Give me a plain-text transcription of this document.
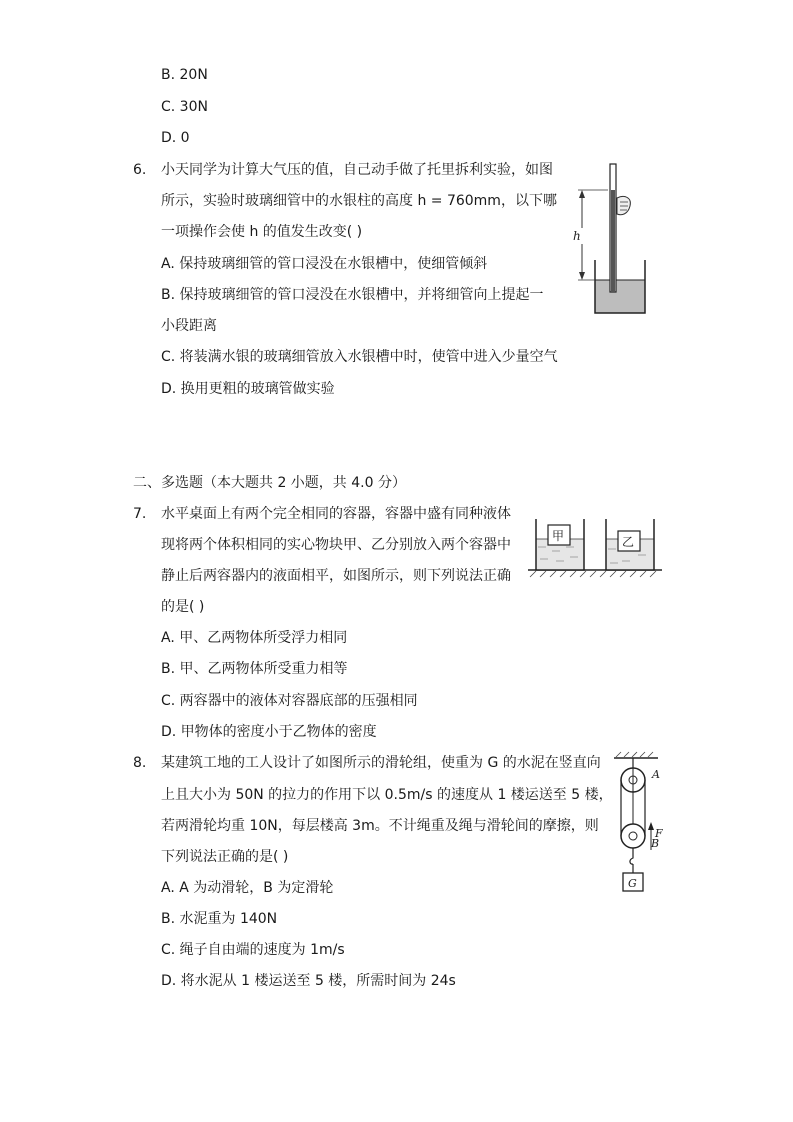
B. 20N
C. 30N
D. 0
6. 小天同学为计算大气压的值，自己动手做了托里拆利实验，如图
所示，实验时玻璃细管中的水银柱的高度 h = 760mm，以下哪
一项操作会使 h 的值发生改变( )
A. 保持玻璃细管的管口浸没在水银槽中，使细管倾斜
B. 保持玻璃细管的管口浸没在水银槽中，并将细管向上提起一
小段距离
C. 将装满水银的玻璃细管放入水银槽中时，使管中进入少量空气
D. 换用更粗的玻璃管做实验
h
二、多选题（本大题共 2 小题，共 4.0 分）
7. 水平桌面上有两个完全相同的容器，容器中盛有同种液体
现将两个体积相同的实心物块甲、乙分别放入两个容器中
静止后两容器内的液面相平，如图所示，则下列说法正确
的是( )
A. 甲、乙两物体所受浮力相同
B. 甲、乙两物体所受重力相等
C. 两容器中的液体对容器底部的压强相同
D. 甲物体的密度小于乙物体的密度
甲	乙
8. 某建筑工地的工人设计了如图所示的滑轮组，使重为 G 的水泥在竖直向
上且大小为 50N 的拉力的作用下以 0.5m/s 的速度从 1 楼运送至 5 楼，
若两滑轮均重 10N，每层楼高 3m。不计绳重及绳与滑轮间的摩擦，则
下列说法正确的是( )
A. A 为动滑轮，B 为定滑轮
B. 水泥重为 140N
C. 绳子自由端的速度为 1m/s
D. 将水泥从 1 楼运送至 5 楼，所需时间为 24s
A
F
B
G
